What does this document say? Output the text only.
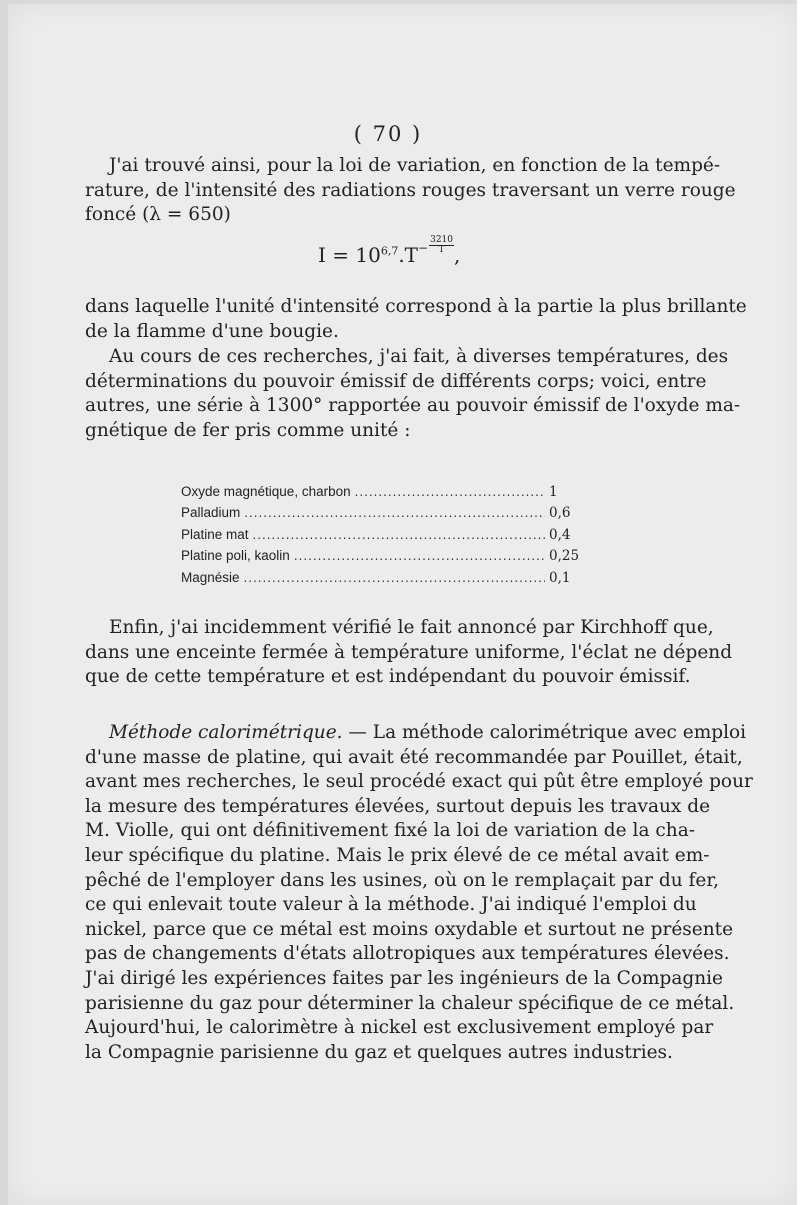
( 70 )
J'ai trouvé ainsi, pour la loi de variation, en fonction de la tempé-
rature, de l'intensité des radiations rouges traversant un verre rouge
foncé (λ = 650)
$I = 10^{6,7}.T^- \frac{3210}{T}$ ,
dans laquelle l'unité d'intensité correspond à la partie la plus brillante
de la flamme d'une bougie.
Au cours de ces recherches, j'ai fait, à diverses températures, des
déterminations du pouvoir émissif de différents corps; voici, entre
autres, une série à 1300° rapportée au pouvoir émissif de l'oxyde ma-
gnétique de fer pris comme unité :
Oxyde magnétique, charbon .....	1
Palladium .....	0,6
Platine mat .....	0,4
Platine poli, kaolin .....	0,25
Magnésie .....	0,1
Enfin, j'ai incidemment vérifié le fait annoncé par Kirchhoff que,
dans une enceinte fermée à température uniforme, l'éclat ne dépend
que de cette température et est indépendant du pouvoir émissif.
Méthode calorimétrique. — La méthode calorimétrique avec emploi
d'une masse de platine, qui avait été recommandée par Pouillet, était,
avant mes recherches, le seul procédé exact qui pût être employé pour
la mesure des températures élevées, surtout depuis les travaux de
M. Violle, qui ont définitivement fixé la loi de variation de la cha-
leur spécifique du platine. Mais le prix élevé de ce métal avait em-
pêché de l'employer dans les usines, où on le remplaçait par du fer,
ce qui enlevait toute valeur à la méthode. J'ai indiqué l'emploi du
nickel, parce que ce métal est moins oxydable et surtout ne présente
pas de changements d'états allotropiques aux températures élevées.
J'ai dirigé les expériences faites par les ingénieurs de la Compagnie
parisienne du gaz pour déterminer la chaleur spécifique de ce métal.
Aujourd'hui, le calorimètre à nickel est exclusivement employé par
la Compagnie parisienne du gaz et quelques autres industries.
